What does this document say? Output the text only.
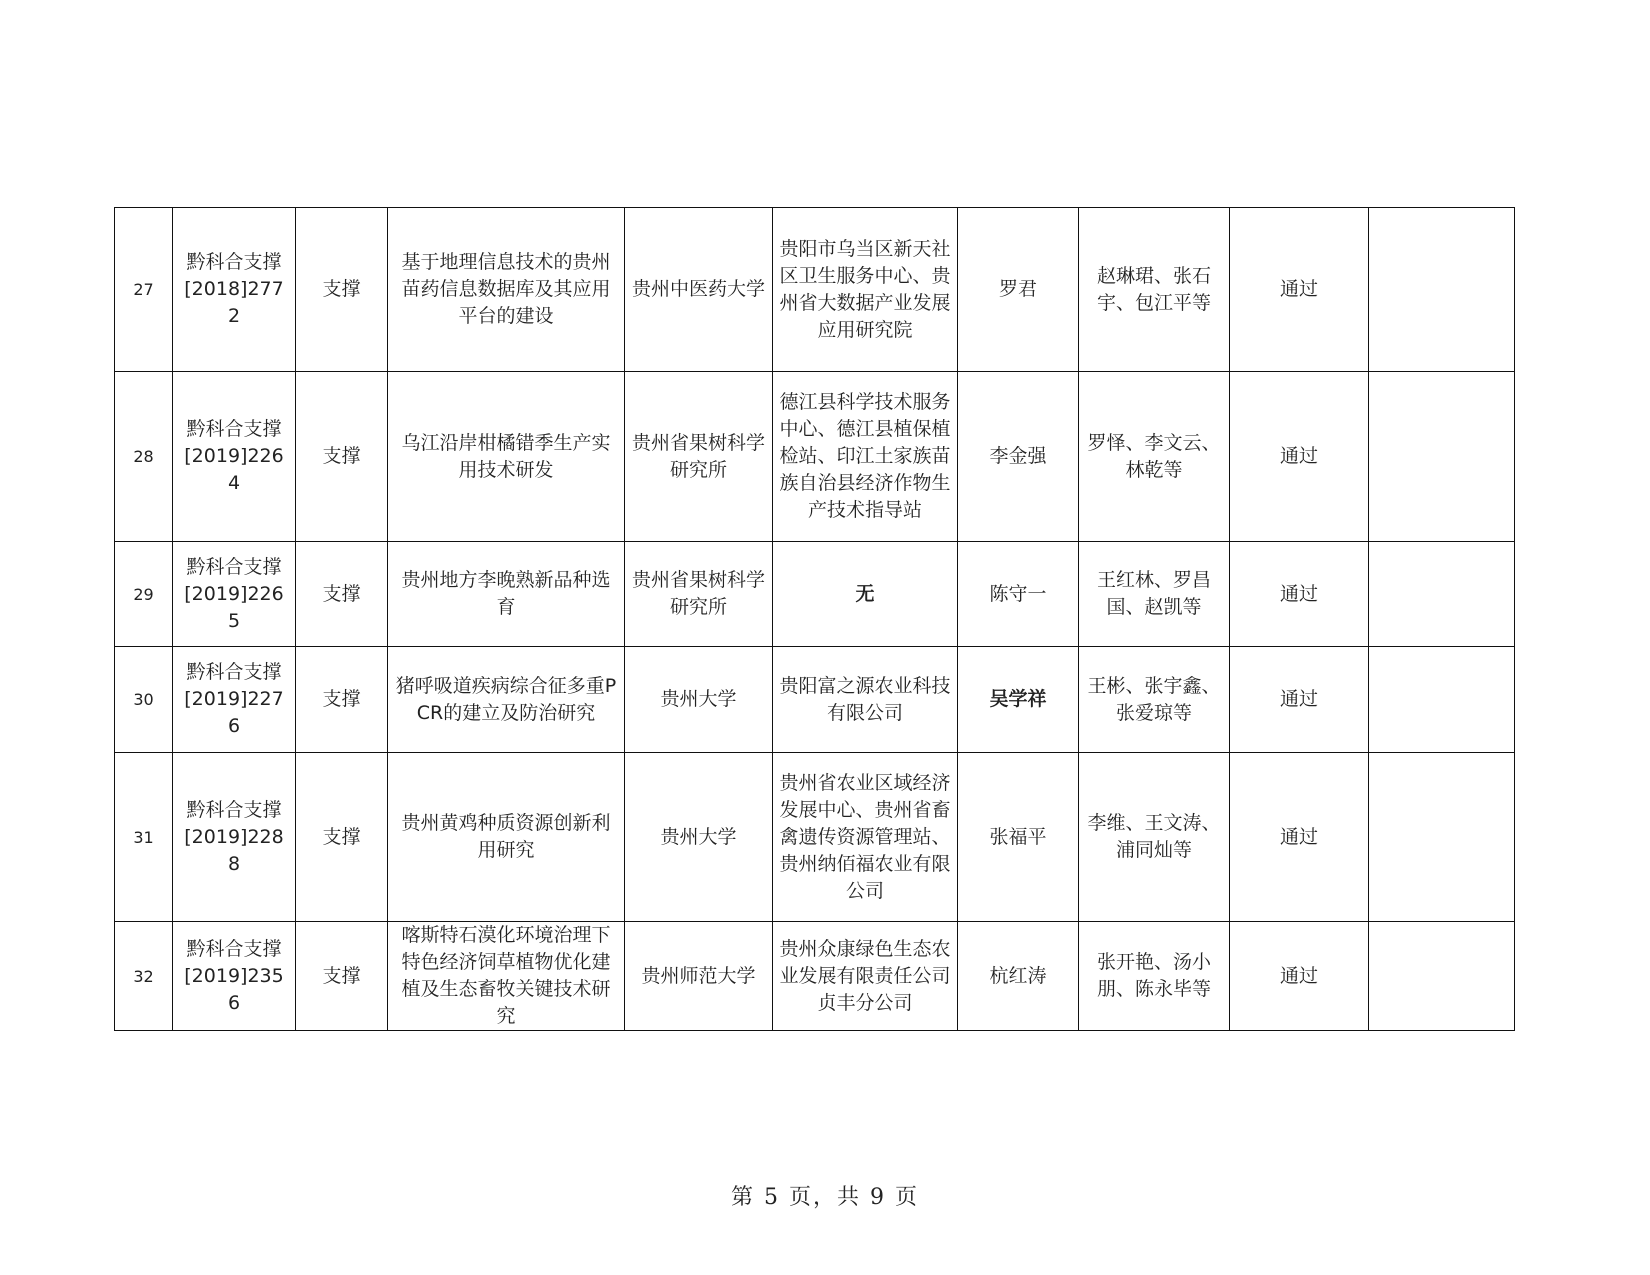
27	黔科合支撑[2018]2772	支撑	基于地理信息技术的贵州苗药信息数据库及其应用平台的建设	贵州中医药大学	贵阳市乌当区新天社区卫生服务中心、贵州省大数据产业发展应用研究院	罗君	赵琳珺、张石宇、包江平等	通过	
28	黔科合支撑[2019]2264	支撑	乌江沿岸柑橘错季生产实用技术研发	贵州省果树科学研究所	德江县科学技术服务中心、德江县植保植检站、印江土家族苗族自治县经济作物生产技术指导站	李金强	罗怿、李文云、林乾等	通过	
29	黔科合支撑[2019]2265	支撑	贵州地方李晚熟新品种选育	贵州省果树科学研究所	无	陈守一	王红林、罗昌国、赵凯等	通过	
30	黔科合支撑[2019]2276	支撑	猪呼吸道疾病综合征多重PCR的建立及防治研究	贵州大学	贵阳富之源农业科技有限公司	吴学祥	王彬、张宇鑫、张爱琼等	通过	
31	黔科合支撑[2019]2288	支撑	贵州黄鸡种质资源创新利用研究	贵州大学	贵州省农业区域经济发展中心、贵州省畜禽遗传资源管理站、贵州纳佰福农业有限公司	张福平	李维、王文涛、浦同灿等	通过	
32	黔科合支撑[2019]2356	支撑	喀斯特石漠化环境治理下特色经济饲草植物优化建植及生态畜牧关键技术研究	贵州师范大学	贵州众康绿色生态农业发展有限责任公司贞丰分公司	杭红涛	张开艳、汤小朋、陈永毕等	通过	
第 5 页，共 9 页
